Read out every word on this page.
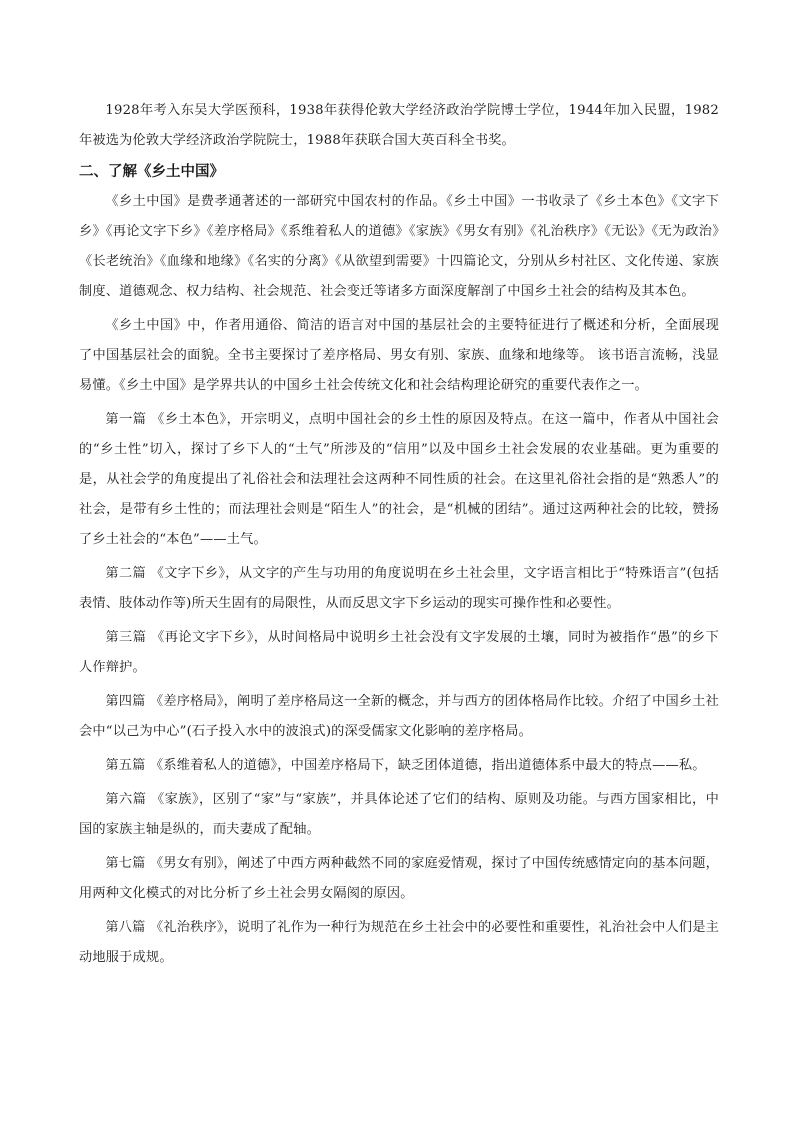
1928年考入东吴大学医预科，1938年获得伦敦大学经济政治学院博士学位，1944年加入民盟，1982年被选为伦敦大学经济政治学院院士，1988年获联合国大英百科全书奖。

二、了解《乡土中国》

《乡土中国》是费孝通著述的一部研究中国农村的作品。《乡土中国》一书收录了《乡土本色》《文字下乡》《再论文字下乡》《差序格局》《系维着私人的道德》《家族》《男女有别》《礼治秩序》《无讼》《无为政治》《长老统治》《血缘和地缘》《名实的分离》《从欲望到需要》十四篇论文，分别从乡村社区、文化传递、家族制度、道德观念、权力结构、社会规范、社会变迁等诸多方面深度解剖了中国乡土社会的结构及其本色。

《乡土中国》中，作者用通俗、简洁的语言对中国的基层社会的主要特征进行了概述和分析，全面展现了中国基层社会的面貌。全书主要探讨了差序格局、男女有别、家族、血缘和地缘等。 该书语言流畅，浅显易懂。《乡土中国》是学界共认的中国乡土社会传统文化和社会结构理论研究的重要代表作之一。

第一篇 《乡土本色》，开宗明义，点明中国社会的乡土性的原因及特点。在这一篇中，作者从中国社会的“乡土性”切入，探讨了乡下人的“土气”所涉及的“信用”以及中国乡土社会发展的农业基础。更为重要的是，从社会学的角度提出了礼俗社会和法理社会这两种不同性质的社会。在这里礼俗社会指的是“熟悉人”的社会，是带有乡土性的；而法理社会则是“陌生人”的社会，是“机械的团结”。通过这两种社会的比较，赞扬了乡土社会的“本色”——土气。

第二篇 《文字下乡》，从文字的产生与功用的角度说明在乡土社会里，文字语言相比于“特殊语言”(包括表情、肢体动作等)所天生固有的局限性，从而反思文字下乡运动的现实可操作性和必要性。

第三篇 《再论文字下乡》，从时间格局中说明乡土社会没有文字发展的土壤，同时为被指作“愚”的乡下人作辩护。

第四篇 《差序格局》，阐明了差序格局这一全新的概念，并与西方的团体格局作比较。介绍了中国乡土社会中“以己为中心”(石子投入水中的波浪式)的深受儒家文化影响的差序格局。

第五篇 《系维着私人的道德》，中国差序格局下，缺乏团体道德，指出道德体系中最大的特点——私。

第六篇 《家族》，区别了“家”与“家族”，并具体论述了它们的结构、原则及功能。与西方国家相比，中国的家族主轴是纵的，而夫妻成了配轴。

第七篇 《男女有别》，阐述了中西方两种截然不同的家庭爱情观，探讨了中国传统感情定向的基本问题，用两种文化模式的对比分析了乡土社会男女隔阂的原因。

第八篇 《礼治秩序》，说明了礼作为一种行为规范在乡土社会中的必要性和重要性，礼治社会中人们是主动地服于成规。
